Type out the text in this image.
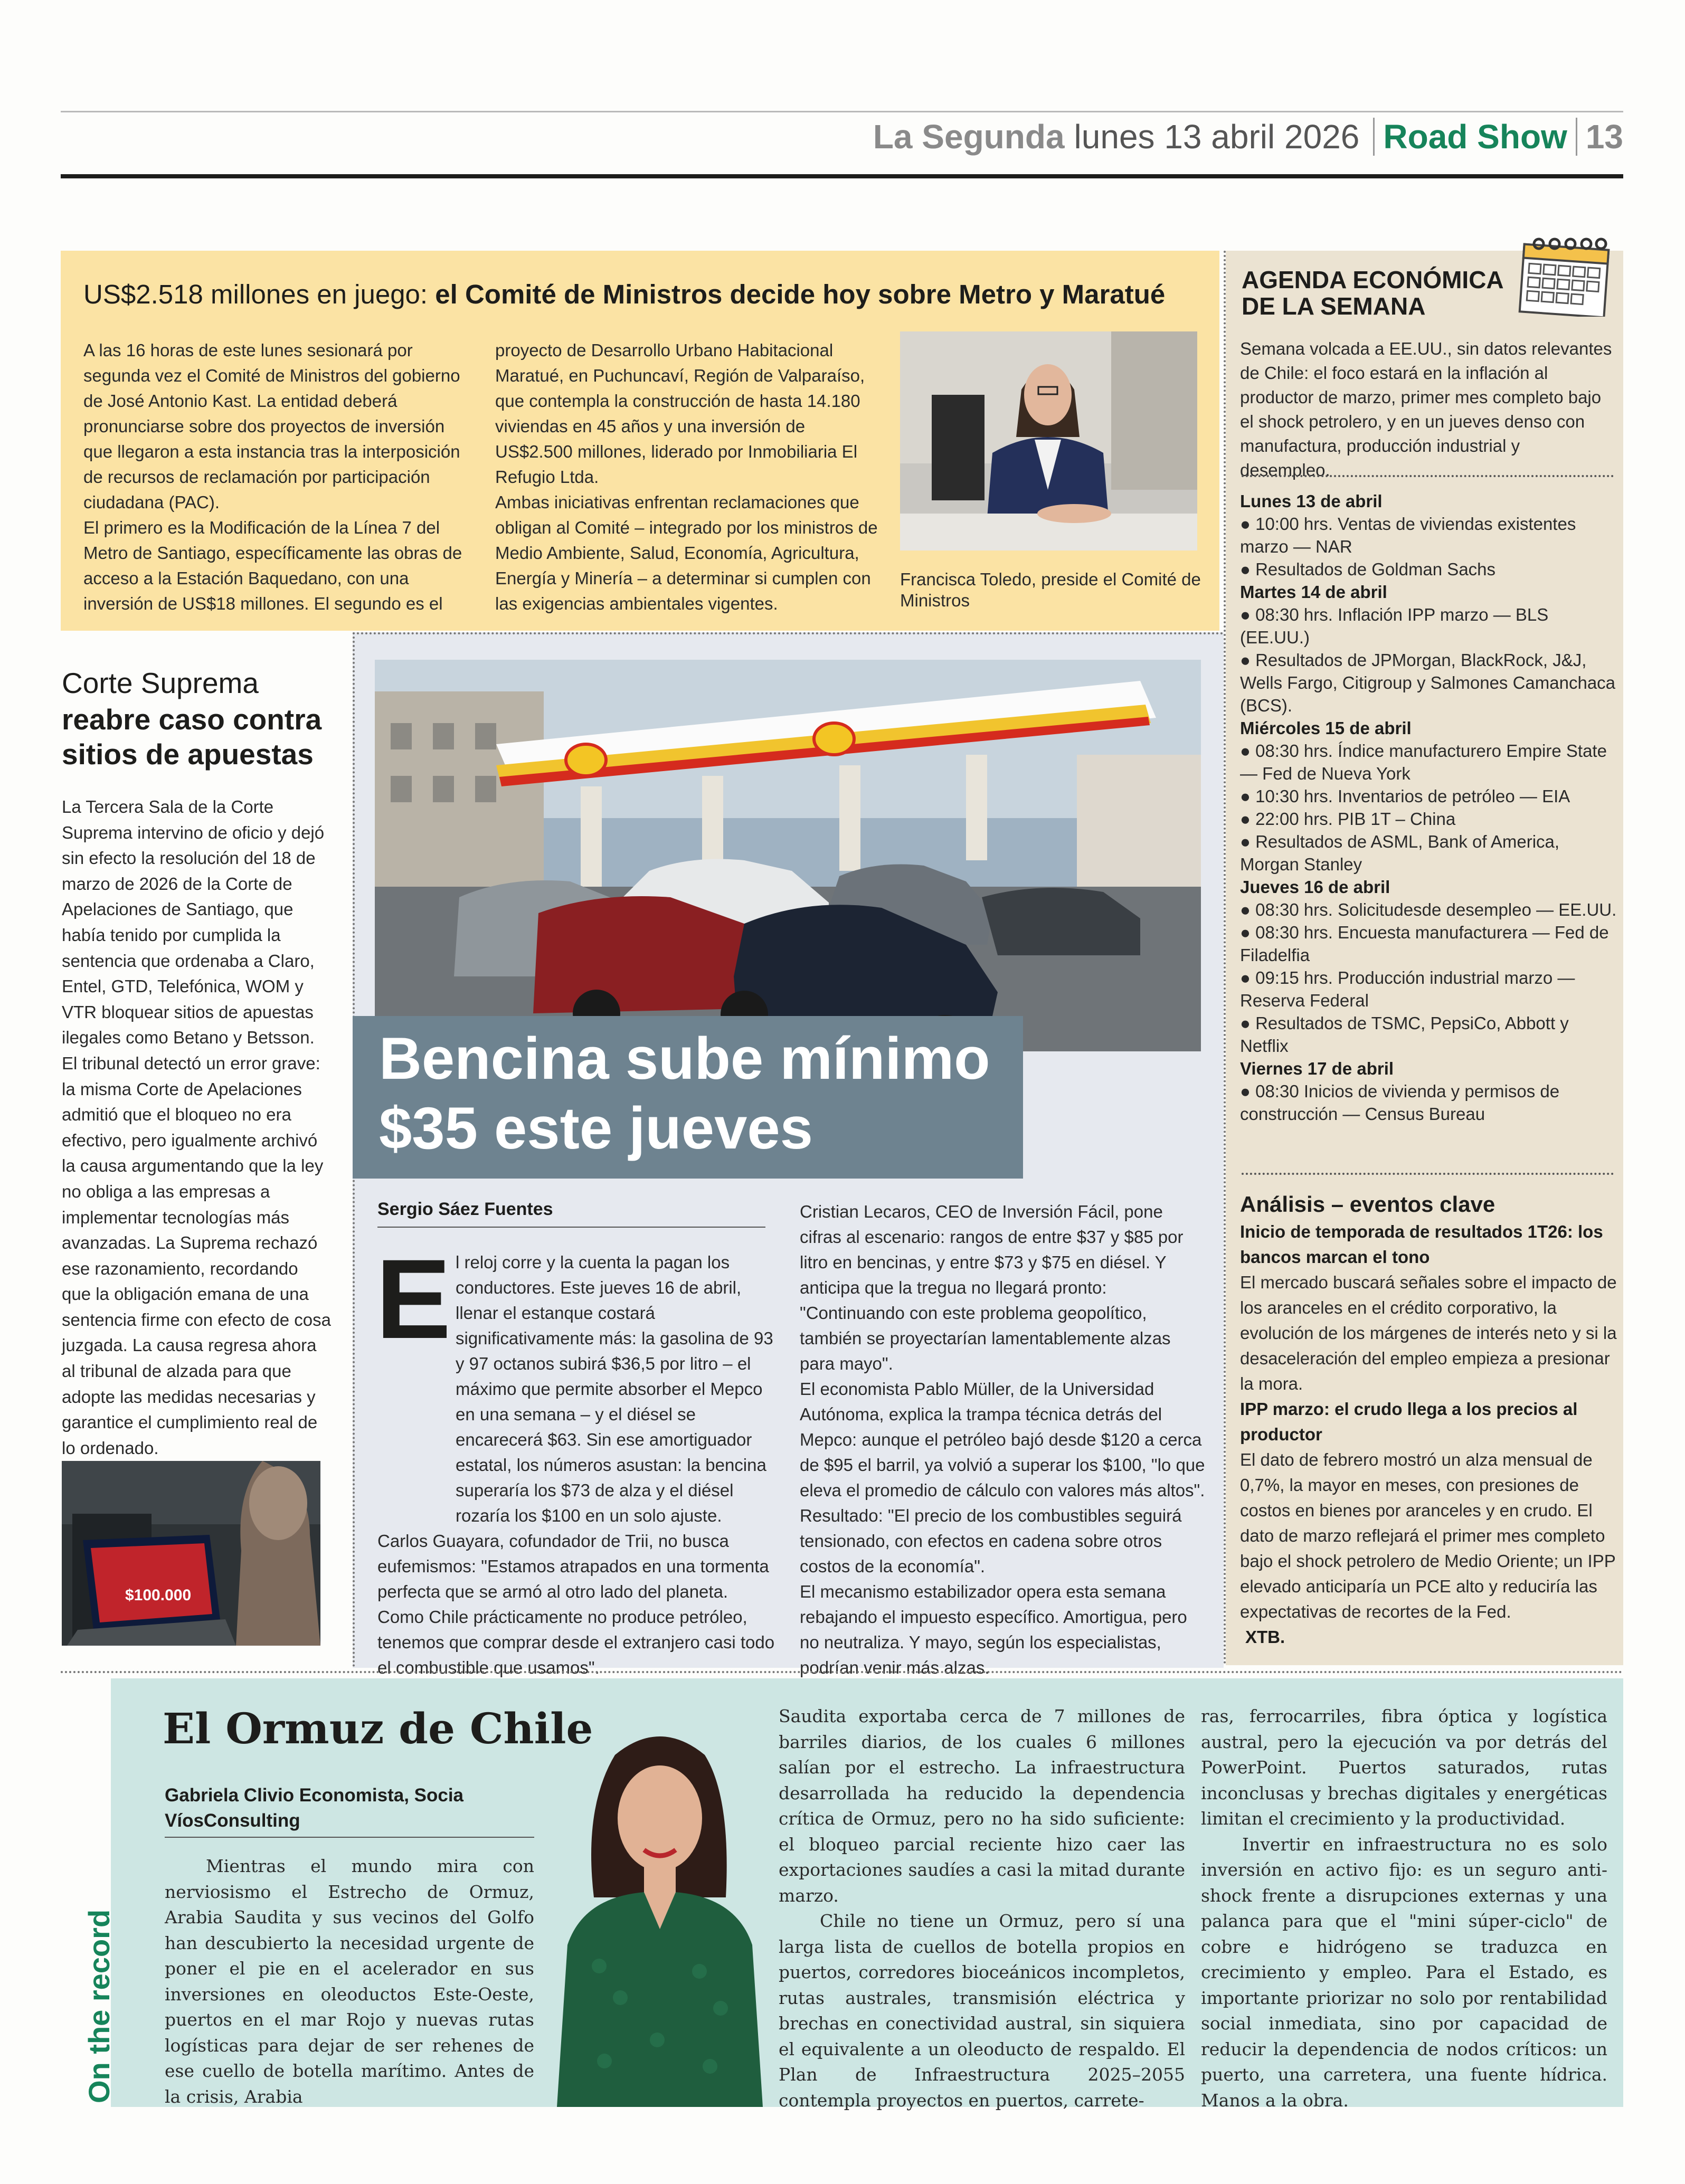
La Segunda lunes 13 abril 2026 Road Show 13
US$2.518 millones en juego: el Comité de Ministros decide hoy sobre Metro y Maratué

A las 16 horas de este lunes sesionará por segunda vez el Comité de Ministros del gobierno de José Antonio Kast. La entidad deberá pronunciarse sobre dos proyectos de inversión que llegaron a esta instancia tras la interposición de recursos de reclamación por participación ciudadana (PAC).

El primero es la Modificación de la Línea 7 del Metro de Santiago, específicamente las obras de acceso a la Estación Baquedano, con una inversión de US$18 millones. El segundo es el

proyecto de Desarrollo Urbano Habitacional Maratué, en Puchuncaví, Región de Valparaíso, que contempla la construcción de hasta 14.180 viviendas en 45 años y una inversión de US$2.500 millones, liderado por Inmobiliaria El Refugio Ltda.

Ambas iniciativas enfrentan reclamaciones que obligan al Comité – integrado por los ministros de Medio Ambiente, Salud, Economía, Agricultura, Energía y Minería – a determinar si cumplen con las exigencias ambientales vigentes.

Francisca Toledo, preside el Comité de Ministros
AGENDA ECONÓMICA DE LA SEMANA
Semana volcada a EE.UU., sin datos relevantes de Chile: el foco estará en la inflación al productor de marzo, primer mes completo bajo el shock petrolero, y en un jueves denso con manufactura, producción industrial y desempleo.
Lunes 13 de abril
● 10:00 hrs. Ventas de viviendas existentes marzo — NAR
● Resultados de Goldman Sachs
Martes 14 de abril
● 08:30 hrs. Inflación IPP marzo — BLS (EE.UU.)
● Resultados de JPMorgan, BlackRock, J&J, Wells Fargo, Citigroup y Salmones Camanchaca (BCS).
Miércoles 15 de abril
● 08:30 hrs. Índice manufacturero Empire State — Fed de Nueva York
● 10:30 hrs. Inventarios de petróleo — EIA
● 22:00 hrs. PIB 1T – China
● Resultados de ASML, Bank of America, Morgan Stanley
Jueves 16 de abril
● 08:30 hrs. Solicitudesde desempleo — EE.UU.
● 08:30 hrs. Encuesta manufacturera — Fed de Filadelfia
● 09:15 hrs. Producción industrial marzo — Reserva Federal
● Resultados de TSMC, PepsiCo, Abbott y Netflix
Viernes 17 de abril
● 08:30 Inicios de vivienda y permisos de construcción — Census Bureau
Análisis – eventos clave
Inicio de temporada de resultados 1T26: los bancos marcan el tono
El mercado buscará señales sobre el impacto de los aranceles en el crédito corporativo, la evolución de los márgenes de interés neto y si la desaceleración del empleo empieza a presionar la mora.
IPP marzo: el crudo llega a los precios al productor
El dato de febrero mostró un alza mensual de 0,7%, la mayor en meses, con presiones de costos en bienes por aranceles y en crudo. El dato de marzo reflejará el primer mes completo bajo el shock petrolero de Medio Oriente; un IPP elevado anticiparía un PCE alto y reduciría las expectativas de recortes de la Fed.
XTB.
Corte Suprema
reabre caso contra sitios de apuestas
La Tercera Sala de la Corte Suprema intervino de oficio y dejó sin efecto la resolución del 18 de marzo de 2026 de la Corte de Apelaciones de Santiago, que había tenido por cumplida la sentencia que ordenaba a Claro, Entel, GTD, Telefónica, WOM y VTR bloquear sitios de apuestas ilegales como Betano y Betsson. El tribunal detectó un error grave: la misma Corte de Apelaciones admitió que el bloqueo no era efectivo, pero igualmente archivó la causa argumentando que la ley no obliga a las empresas a implementar tecnologías más avanzadas. La Suprema rechazó ese razonamiento, recordando que la obligación emana de una sentencia firme con efecto de cosa juzgada. La causa regresa ahora al tribunal de alzada para que adopte las medidas necesarias y garantice el cumplimiento real de lo ordenado.
$100.000
Bencina sube mínimo $35 este jueves
Sergio Sáez Fuentes
E l reloj corre y la cuenta la pagan los conductores. Este jueves 16 de abril, llenar el estanque costará significativamente más: la gasolina de 93 y 97 octanos subirá $36,5 por litro – el máximo que permite absorber el Mepco en una semana – y el diésel se encarecerá $63. Sin ese amortiguador estatal, los números asustan: la bencina superaría los $73 de alza y el diésel rozaría los $100 en un solo ajuste.

Carlos Guayara, cofundador de Trii, no busca eufemismos: "Estamos atrapados en una tormenta perfecta que se armó al otro lado del planeta. Como Chile prácticamente no produce petróleo, tenemos que comprar desde el extranjero casi todo el combustible que usamos".

Cristian Lecaros, CEO de Inversión Fácil, pone cifras al escenario: rangos de entre $37 y $85 por litro en bencinas, y entre $73 y $75 en diésel. Y anticipa que la tregua no llegará pronto: "Continuando con este problema geopolítico, también se proyectarían lamentablemente alzas para mayo".

El economista Pablo Müller, de la Universidad Autónoma, explica la trampa técnica detrás del Mepco: aunque el petróleo bajó desde $120 a cerca de $95 el barril, ya volvió a superar los $100, "lo que eleva el promedio de cálculo con valores más altos". Resultado: "El precio de los combustibles seguirá tensionado, con efectos en cadena sobre otros costos de la economía".

El mecanismo estabilizador opera esta semana rebajando el impuesto específico. Amortigua, pero no neutraliza. Y mayo, según los especialistas, podrían venir más alzas.

On the record
El Ormuz de Chile
Gabriela Clivio Economista, Socia VíosConsulting

Mientras el mundo mira con nerviosismo el Estrecho de Ormuz, Arabia Saudita y sus vecinos del Golfo han descubierto la necesidad urgente de poner el pie en el acelerador en sus inversiones en oleoductos Este-Oeste, puertos en el mar Rojo y nuevas rutas logísticas para dejar de ser rehenes de ese cuello de botella marítimo. Antes de la crisis, Arabia

Saudita exportaba cerca de 7 millones de barriles diarios, de los cuales 6 millones salían por el estrecho. La infraestructura desarrollada ha reducido la dependencia crítica de Ormuz, pero no ha sido suficiente: el bloqueo parcial reciente hizo caer las exportaciones saudíes a casi la mitad durante marzo.

Chile no tiene un Ormuz, pero sí una larga lista de cuellos de botella propios en puertos, corredores bioceánicos incompletos, rutas australes, transmisión eléctrica y brechas en conectividad austral, sin siquiera el equivalente a un oleoducto de respaldo. El Plan de Infraestructura 2025–2055 contempla proyectos en puertos, carrete-

ras, ferrocarriles, fibra óptica y logística austral, pero la ejecución va por detrás del PowerPoint. Puertos saturados, rutas inconclusas y brechas digitales y energéticas limitan el crecimiento y la productividad.

Invertir en infraestructura no es solo inversión en activo fijo: es un seguro anti-shock frente a disrupciones externas y una palanca para que el "mini súper-ciclo" de cobre e hidrógeno se traduzca en crecimiento y empleo. Para el Estado, es importante priorizar no solo por rentabilidad social inmediata, sino por capacidad de reducir la dependencia de nodos críticos: un puerto, una carretera, una fuente hídrica. Manos a la obra.
